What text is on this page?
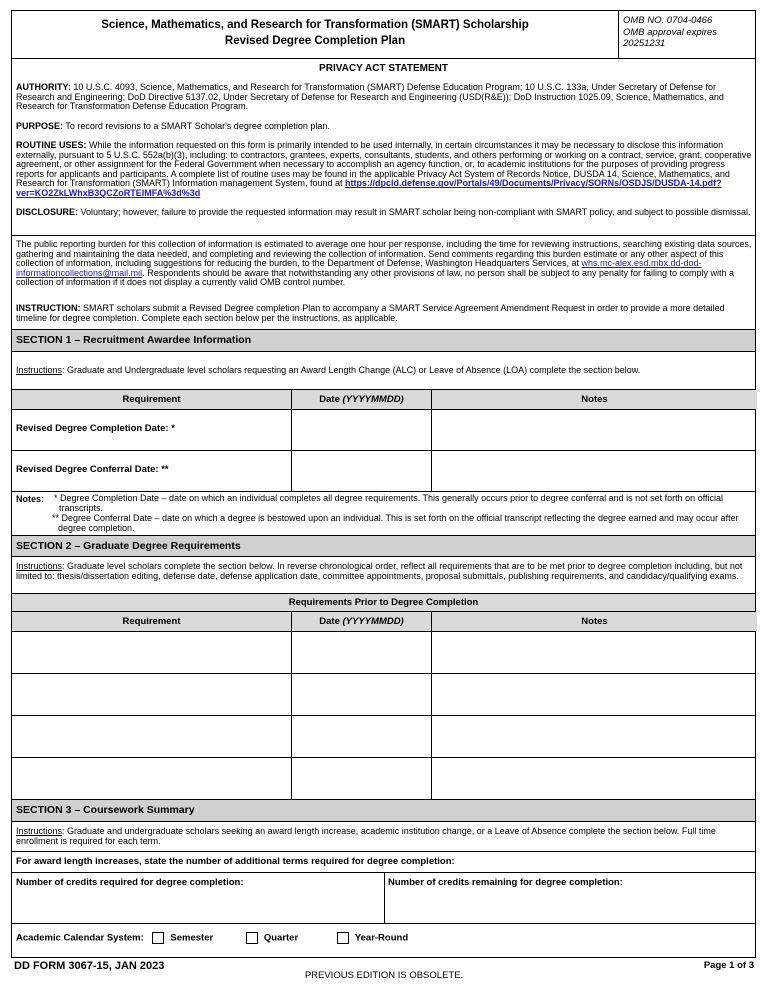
Science, Mathematics, and Research for Transformation (SMART) Scholarship
Revised Degree Completion Plan
OMB NO. 0704-0466
OMB approval expires
20251231
PRIVACY ACT STATEMENT
AUTHORITY: 10 U.S.C. 4093, Science, Mathematics, and Research for Transformation (SMART) Defense Education Program; 10 U.S.C. 133a, Under Secretary of Defense for Research and Engineering; DoD Directive 5137.02, Under Secretary of Defense for Research and Engineering (USD(R&E)); DoD Instruction 1025.09, Science, Mathematics, and Research for Transformation Defense Education Program.
PURPOSE: To record revisions to a SMART Scholar's degree completion plan.
ROUTINE USES: While the information requested on this form is primarily intended to be used internally, in certain circumstances it may be necessary to disclose this information externally, pursuant to 5 U.S.C. 552a(b)(3), including: to contractors, grantees, experts, consultants, students, and others performing or working on a contract, service, grant, cooperative agreement, or other assignment for the Federal Government when necessary to accomplish an agency function, or, to academic institutions for the purposes of providing progress reports for applicants and participants. A complete list of routine uses may be found in the applicable Privacy Act System of Records Notice, DUSDA 14, Science, Mathematics, and Research for Transformation (SMART) Information management System, found at https://dpcld.defense.gov/Portals/49/Documents/Privacy/SORNs/OSDJS/DUSDA-14.pdf?ver=KO2ZkLWhxB3QCZoRTEIMFA%3d%3d
DISCLOSURE: Voluntary; however, failure to provide the requested information may result in SMART scholar being non-compliant with SMART policy, and subject to possible dismissal.
The public reporting burden for this collection of information is estimated to average one hour per response, including the time for reviewing instructions, searching existing data sources, gathering and maintaining the data needed, and completing and reviewing the collection of information. Send comments regarding this burden estimate or any other aspect of this collection of information, including suggestions for reducing the burden, to the Department of Defense, Washington Headquarters Services, at whs.mc-alex.esd.mbx.dd-dod-informationcollections@mail.mil. Respondents should be aware that notwithstanding any other provisions of law, no person shall be subject to any penalty for failing to comply with a collection of information if it does not display a currently valid OMB control number.
INSTRUCTION: SMART scholars submit a Revised Degree completion Plan to accompany a SMART Service Agreement Amendment Request in order to provide a more detailed timeline for degree completion. Complete each section below per the instructions, as applicable.
SECTION 1 – Recruitment Awardee Information
Instructions: Graduate and Undergraduate level scholars requesting an Award Length Change (ALC) or Leave of Absence (LOA) complete the section below.
Requirement	Date (YYYYMMDD)	Notes
Revised Degree Completion Date: *
Revised Degree Conferral Date: **
Notes: * Degree Completion Date – date on which an individual completes all degree requirements. This generally occurs prior to degree conferral and is not set forth on official transcripts.
** Degree Conferral Date – date on which a degree is bestowed upon an individual. This is set forth on the official transcript reflecting the degree earned and may occur after degree completion.
SECTION 2 – Graduate Degree Requirements
Instructions: Graduate level scholars complete the section below. In reverse chronological order, reflect all requirements that are to be met prior to degree completion including, but not limited to: thesis/dissertation editing, defense date, defense application date, committee appointments, proposal submittals, publishing requirements, and candidacy/qualifying exams.
Requirements Prior to Degree Completion
Requirement	Date (YYYYMMDD)	Notes
SECTION 3 – Coursework Summary
Instructions: Graduate and undergraduate scholars seeking an award length increase, academic institution change, or a Leave of Absence complete the section below. Full time enrollment is required for each term.
For award length increases, state the number of additional terms required for degree completion:
Number of credits required for degree completion:	Number of credits remaining for degree completion:
Academic Calendar System:	Semester	Quarter	Year-Round
DD FORM 3067-15, JAN 2023
PREVIOUS EDITION IS OBSOLETE.
Page 1 of 3
